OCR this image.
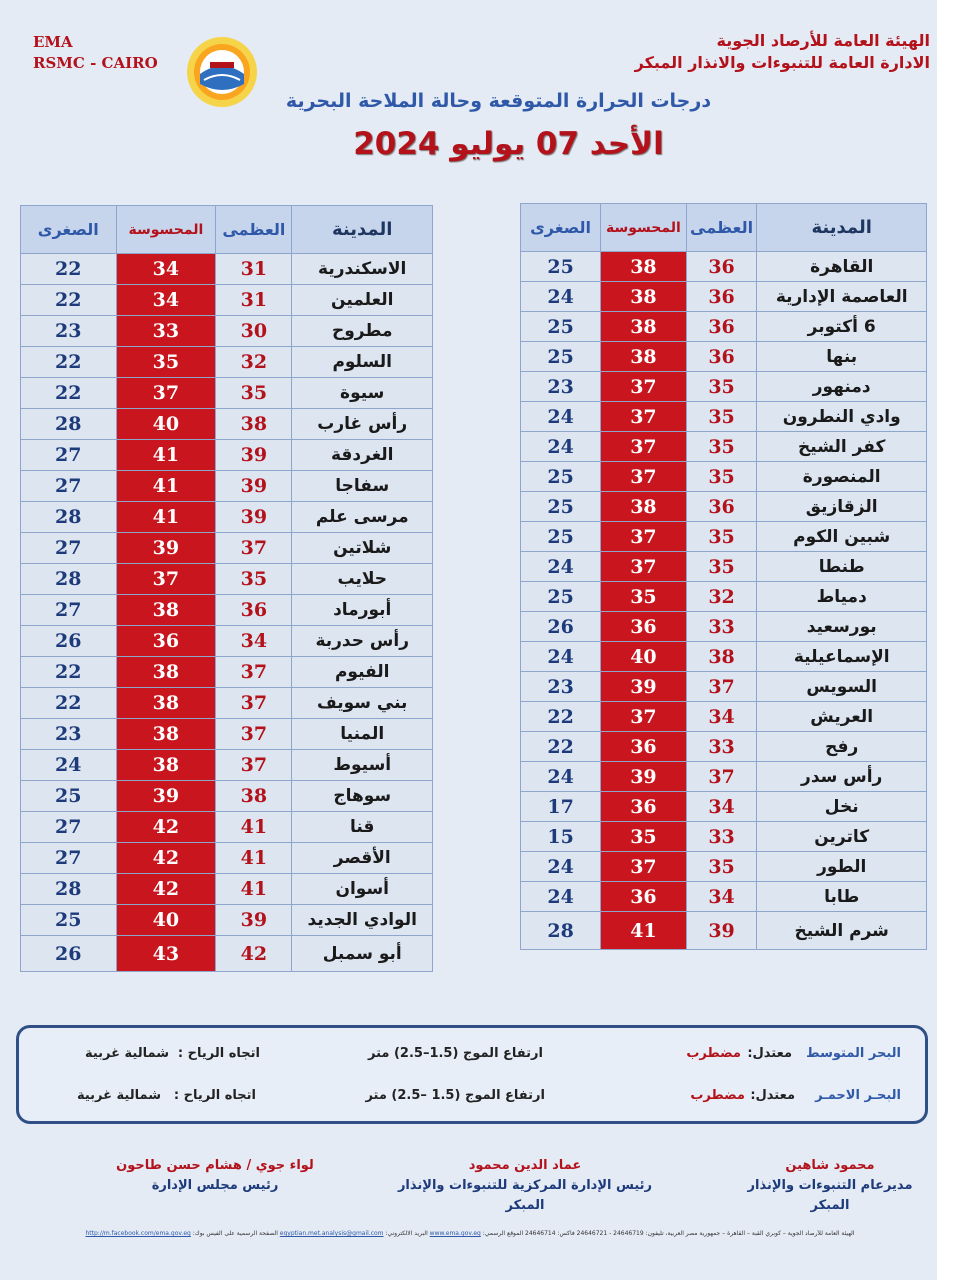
EMA
RSMC - CAIRO
الهيئة العامة للأرصاد الجوية
الادارة العامة للتنبوءات والانذار المبكر
درجات الحرارة المتوقعة وحالة الملاحة البحرية
الأحد 07 يوليو 2024
المدينة	العظمى	المحسوسة	الصغرى
القاهرة	36	38	25
العاصمة الإدارية	36	38	24
6 أكتوبر	36	38	25
بنها	36	38	25
دمنهور	35	37	23
وادي النطرون	35	37	24
كفر الشيخ	35	37	24
المنصورة	35	37	25
الزقازيق	36	38	25
شبين الكوم	35	37	25
طنطا	35	37	24
دمياط	32	35	25
بورسعيد	33	36	26
الإسماعيلية	38	40	24
السويس	37	39	23
العريش	34	37	22
رفح	33	36	22
رأس سدر	37	39	24
نخل	34	36	17
كاترين	33	35	15
الطور	35	37	24
طابا	34	36	24
شرم الشيخ	39	41	28
المدينة	العظمى	المحسوسة	الصغرى
الاسكندرية	31	34	22
العلمين	31	34	22
مطروح	30	33	23
السلوم	32	35	22
سيوة	35	37	22
رأس غارب	38	40	28
الغردقة	39	41	27
سفاجا	39	41	27
مرسى علم	39	41	28
شلاتين	37	39	27
حلايب	35	37	28
أبورماد	36	38	27
رأس حدربة	34	36	26
الفيوم	37	38	22
بني سويف	37	38	22
المنيا	37	38	23
أسيوط	37	38	24
سوهاج	38	39	25
قنا	41	42	27
الأقصر	41	42	27
أسوان	41	42	28
الوادي الجديد	39	40	25
أبو سمبل	42	43	26
البحر المتوسط
معتدل:
مضطرب
ارتفاع الموج (1.5–2.5) متر
اتجاه الرياح :
شمالية غربية
البحـر الاحمـر
معتدل:
مضطرب
ارتفاع الموج (1.5 –2.5) متر
اتجاه الرياح :
شمالية غربية
محمود شاهين
مديرعام التنبوءات والإنذار المبكر
عماد الدين محمود
رئيس الإدارة المركزية للتنبوءات والإنذار المبكر
لواء جوي / هشام حسن طاحون
رئيس مجلس الإدارة
الهيئة العامة للأرصاد الجوية – كوبري القبة – القاهرة – جمهورية مصر العربية، تليفون: 24646719 - 24646721 فاكس: 24646714 الموقع الرسمي: www.ema.gov.eg البريد الالكتروني: egyptian.met.analysis@gmail.com الصفحة الرسمية على الفيس بوك: http://m.facebook.com/ema.gov.eg
